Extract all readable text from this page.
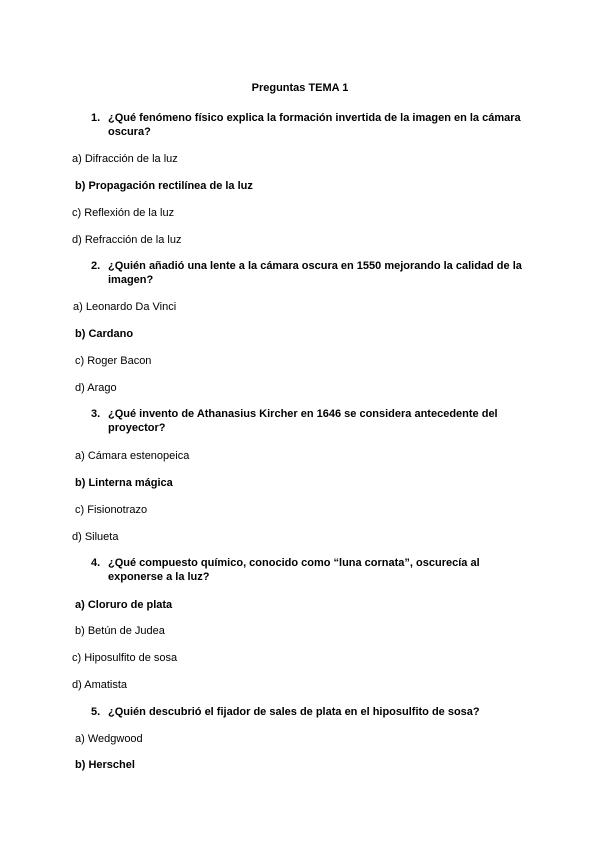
Preguntas TEMA 1
1. ¿Qué fenómeno físico explica la formación invertida de la imagen en la cámara oscura?
a) Difracción de la luz
b) Propagación rectilínea de la luz
c) Reflexión de la luz
d) Refracción de la luz
2. ¿Quién añadió una lente a la cámara oscura en 1550 mejorando la calidad de la imagen?
a) Leonardo Da Vinci
b) Cardano
c) Roger Bacon
d) Arago
3. ¿Qué invento de Athanasius Kircher en 1646 se considera antecedente del proyector?
a) Cámara estenopeica
b) Linterna mágica
c) Fisionotrazo
d) Silueta
4. ¿Qué compuesto químico, conocido como “luna cornata”, oscurecía al exponerse a la luz?
a) Cloruro de plata
b) Betún de Judea
c) Hiposulfito de sosa
d) Amatista
5. ¿Quién descubrió el fijador de sales de plata en el hiposulfito de sosa?
a) Wedgwood
b) Herschel
